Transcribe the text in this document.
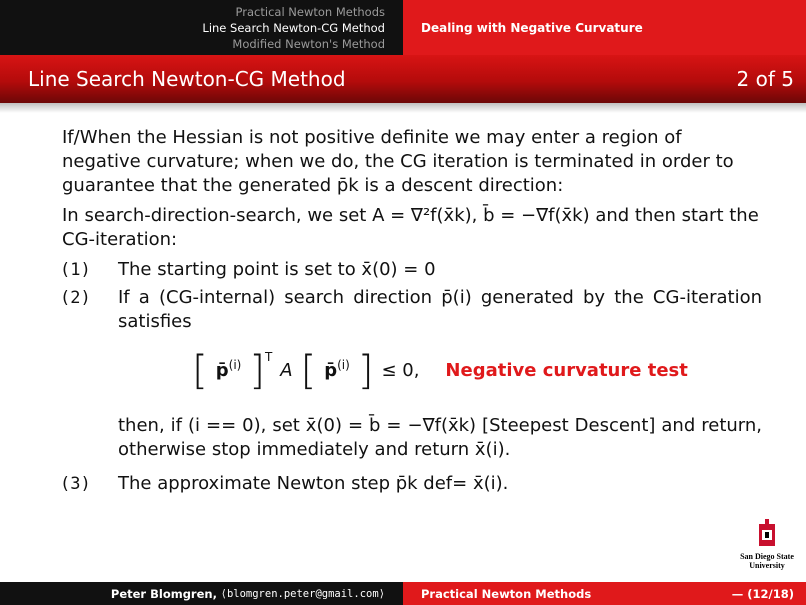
Practical Newton Methods
Line Search Newton-CG Method
Modified Newton's Method
Dealing with Negative Curvature
Line Search Newton-CG Method	2 of 5

If/When the Hessian is not positive definite we may enter a region of negative curvature; when we do, the CG iteration is terminated in order to guarantee that the generated p̄k is a descent direction:

In search-direction-search, we set A = ∇²f(x̄k), b̄ = −∇f(x̄k) and then start the CG-iteration:

(1)	The starting point is set to x̄(0) = 0
(2)	If a (CG-internal) search direction p̄(i) generated by the CG-iteration satisfies
[ p̄$^{(i)}$ ] T
A [ p̄$^{(i)}$ ] ≤ 0, Negative curvature test
then, if (i == 0), set x̄(0) = b̄ = −∇f(x̄k) [Steepest Descent] and return, otherwise stop immediately and return x̄(i).
(3)	The approximate Newton step p̄k def= x̄(i).
San Diego State
University
Peter Blomgren,
⟨blomgren.peter@gmail.com⟩	Practical Newton Methods	— (12/18)
